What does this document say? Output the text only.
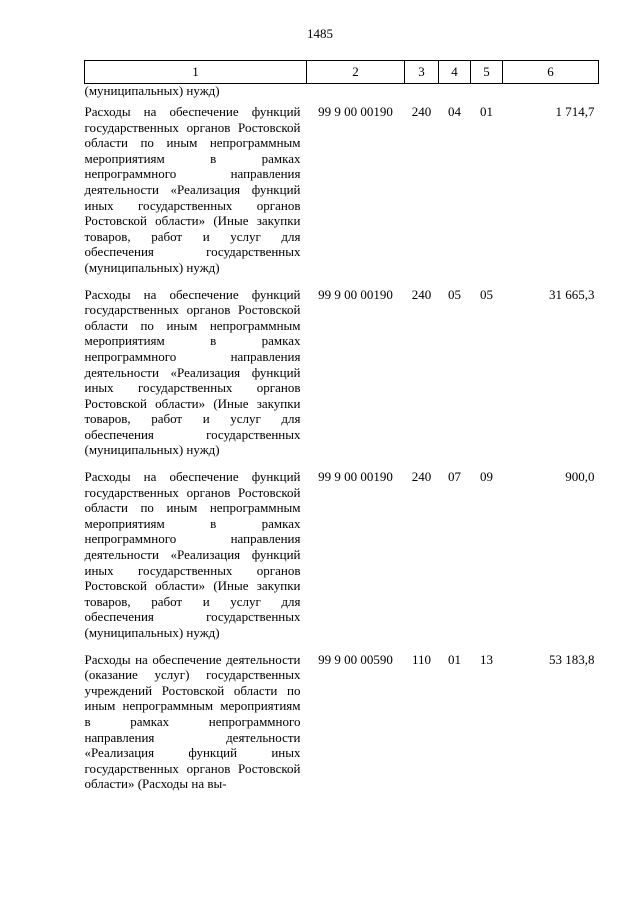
1485
1	2	3	4	5	6
(муниципальных) нужд)					
Расходы на обеспечение функций государственных органов Ростовской области по иным непрограммным мероприятиям в рамках непрограммного направления деятельности «Реализация функций иных государственных органов Ростовской области» (Иные закупки товаров, работ и услуг для обеспечения государственных (муниципальных) нужд)	99 9 00 00190	240	04	01	1 714,7
Расходы на обеспечение функций государственных органов Ростовской области по иным непрограммным мероприятиям в рамках непрограммного направления деятельности «Реализация функций иных государственных органов Ростовской области» (Иные закупки товаров, работ и услуг для обеспечения государственных (муниципальных) нужд)	99 9 00 00190	240	05	05	31 665,3
Расходы на обеспечение функций государственных органов Ростовской области по иным непрограммным мероприятиям в рамках непрограммного направления деятельности «Реализация функций иных государственных органов Ростовской области» (Иные закупки товаров, работ и услуг для обеспечения государственных (муниципальных) нужд)	99 9 00 00190	240	07	09	900,0
Расходы на обеспечение деятельности (оказание услуг) государственных учреждений Ростовской области по иным непрограммным мероприятиям в рамках непрограммного направления деятельности «Реализация функций иных государственных органов Ростовской области» (Расходы на вы-	99 9 00 00590	110	01	13	53 183,8
